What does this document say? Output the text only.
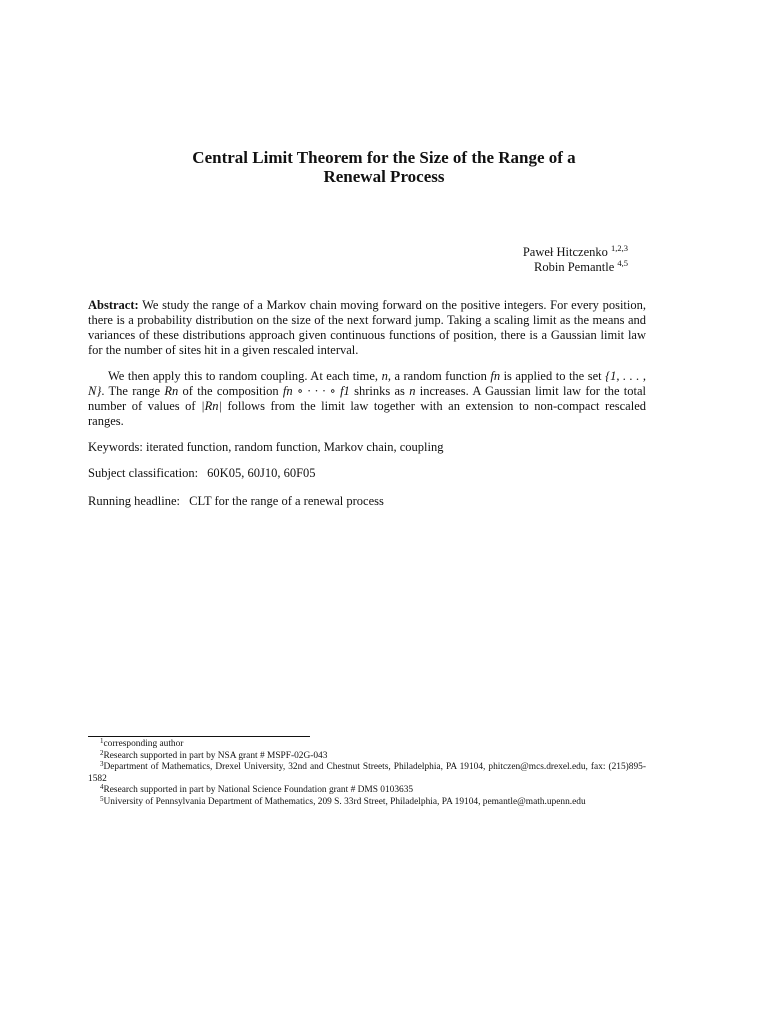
Central Limit Theorem for the Size of the Range of a
Renewal Process
Paweł Hitczenko $^{1,2,3}$
Robin Pemantle $^{4,5}$
Abstract: We study the range of a Markov chain moving forward on the positive integers. For every position, there is a probability distribution on the size of the next forward jump. Taking a scaling limit as the means and variances of these distributions approach given continuous functions of position, there is a Gaussian limit law for the number of sites hit in a given rescaled interval.
We then apply this to random coupling. At each time, n, a random function fn is applied to the set {1, . . . , N}. The range Rn of the composition fn ∘ · · · ∘ f1 shrinks as n increases. A Gaussian limit law for the total number of values of |Rn| follows from the limit law together with an extension to non-compact rescaled ranges.
Keywords: iterated function, random function, Markov chain, coupling
Subject classification: 60K05, 60J10, 60F05
Running headline: CLT for the range of a renewal process
$^1$corresponding author
$^2$Research supported in part by NSA grant # MSPF-02G-043
$^3$Department of Mathematics, Drexel University, 32nd and Chestnut Streets, Philadelphia, PA 19104, phitczen@mcs.drexel.edu, fax: (215)895-1582
$^4$Research supported in part by National Science Foundation grant # DMS 0103635
$^5$University of Pennsylvania Department of Mathematics, 209 S. 33rd Street, Philadelphia, PA 19104, pemantle@math.upenn.edu
